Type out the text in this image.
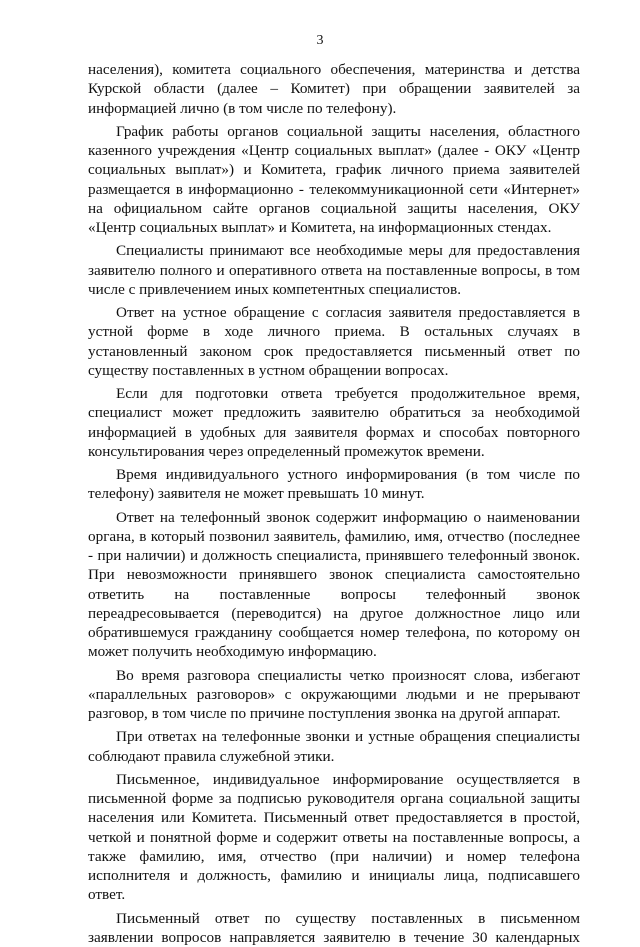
3
населения), комитета социального обеспечения, материнства и детства
Курской области (далее – Комитет) при обращении заявителей за
информацией лично (в том числе по телефону).
График работы органов социальной защиты населения, областного
казенного учреждения «Центр социальных выплат» (далее - ОКУ «Центр
социальных выплат») и Комитета, график личного приема заявителей
размещается в информационно - телекоммуникационной сети «Интернет»
на официальном сайте органов социальной защиты населения, ОКУ
«Центр социальных выплат» и Комитета, на информационных стендах.
Специалисты принимают все необходимые меры для предоставления
заявителю полного и оперативного ответа на поставленные вопросы, в том
числе с привлечением иных компетентных специалистов.
Ответ на устное обращение с согласия заявителя предоставляется в
устной форме в ходе личного приема. В остальных случаях в
установленный законом срок предоставляется письменный ответ по
существу поставленных в устном обращении вопросах.
Если для подготовки ответа требуется продолжительное время,
специалист может предложить заявителю обратиться за необходимой
информацией в удобных для заявителя формах и способах повторного
консультирования через определенный промежуток времени.
Время индивидуального устного информирования (в том числе по
телефону) заявителя не может превышать 10 минут.
Ответ на телефонный звонок содержит информацию о наименовании
органа, в который позвонил заявитель, фамилию, имя, отчество (последнее
- при наличии) и должность специалиста, принявшего телефонный звонок.
При невозможности принявшего звонок специалиста самостоятельно
ответить на поставленные вопросы телефонный звонок
переадресовывается (переводится) на другое должностное лицо или
обратившемуся гражданину сообщается номер телефона, по которому он
может получить необходимую информацию.
Во время разговора специалисты четко произносят слова, избегают
«параллельных разговоров» с окружающими людьми и не прерывают
разговор, в том числе по причине поступления звонка на другой аппарат.
При ответах на телефонные звонки и устные обращения специалисты
соблюдают правила служебной этики.
Письменное, индивидуальное информирование осуществляется в
письменной форме за подписью руководителя органа социальной защиты
населения или Комитета. Письменный ответ предоставляется в простой,
четкой и понятной форме и содержит ответы на поставленные вопросы, а
также фамилию, имя, отчество (при наличии) и номер телефона
исполнителя и должность, фамилию и инициалы лица, подписавшего
ответ.
Письменный ответ по существу поставленных в письменном
заявлении вопросов направляется заявителю в течение 30 календарных
